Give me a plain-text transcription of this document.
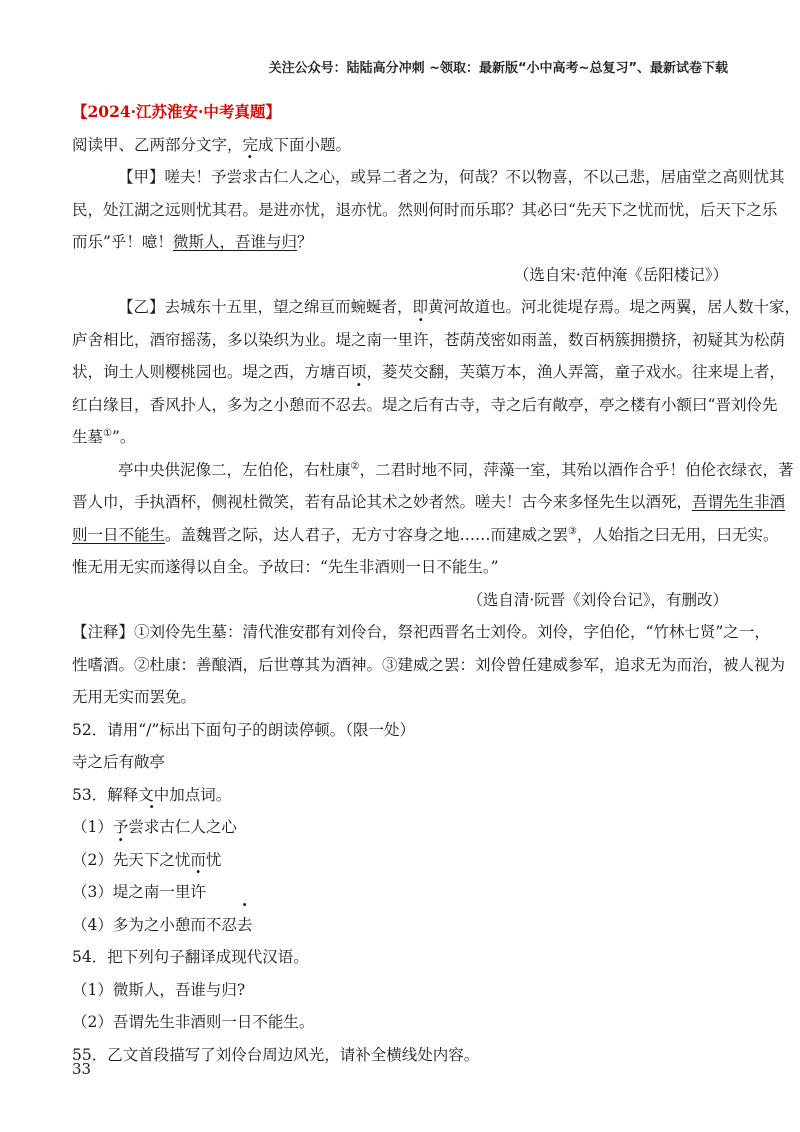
关注公众号：陆陆高分冲刺 ~领取：最新版“小中高考~总复习”、最新试卷下载
【2024·江苏淮安·中考真题】
阅读甲、乙两部分文字，完成下面小题。
【甲】嗟夫！予尝求古仁人之心，或异二者之为，何哉？不以物喜，不以己悲，居庙堂之高则忧其
民，处江湖之远则忧其君。是进亦忧，退亦忧。然则何时而乐耶？其必曰“先天下之忧而忧，后天下之乐
而乐”乎！噫！微斯人，吾谁与归？
（选自宋·范仲淹《岳阳楼记》）
【乙】去城东十五里，望之绵亘而蜿蜒者，即黄河故道也。河北徙堤存焉。堤之两翼，居人数十家，
庐舍相比，酒帘摇荡，多以染织为业。堤之南一里许，苍荫茂密如雨盖，数百柄簇拥攒挤，初疑其为松荫
状，询土人则樱桃园也。堤之西，方塘百顷，菱芡交翻，芙蕖万本，渔人弄篙，童子戏水。往来堤上者，
红白缘目，香风扑人，多为之小憩而不忍去。堤之后有古寺，寺之后有敞亭，亭之楼有小额曰“晋刘伶先
生墓①”。
亭中央供泥像二，左伯伦，右杜康②，二君时地不同，萍藻一室，其殆以酒作合乎！伯伦衣绿衣，著
晋人巾，手执酒杯，侧视杜微笑，若有品论其术之妙者然。嗟夫！古今来多怪先生以酒死，吾谓先生非酒
则一日不能生。盖魏晋之际，达人君子，无方寸容身之地……而建威之罢③，人始指之曰无用，曰无实。
惟无用无实而遂得以自全。予故曰：“先生非酒则一日不能生。”
（选自清·阮晋《刘伶台记》，有删改）
【注释】①刘伶先生墓：清代淮安郡有刘伶台，祭祀西晋名士刘伶。刘伶，字伯伦，“竹林七贤”之一，
性嗜酒。②杜康：善酿酒，后世尊其为酒神。③建威之罢：刘伶曾任建威参军，追求无为而治，被人视为
无用无实而罢免。
52．请用“/”标出下面句子的朗读停顿。（限一处）
寺之后有敞亭
53．解释文中加点词。
（1）予尝求古仁人之心
（2）先天下之忧而忧
（3）堤之南一里许
（4）多为之小憩而不忍去
54．把下列句子翻译成现代汉语。
（1）微斯人，吾谁与归?
（2）吾谓先生非酒则一日不能生。
55．乙文首段描写了刘伶台周边风光，请补全横线处内容。
33
